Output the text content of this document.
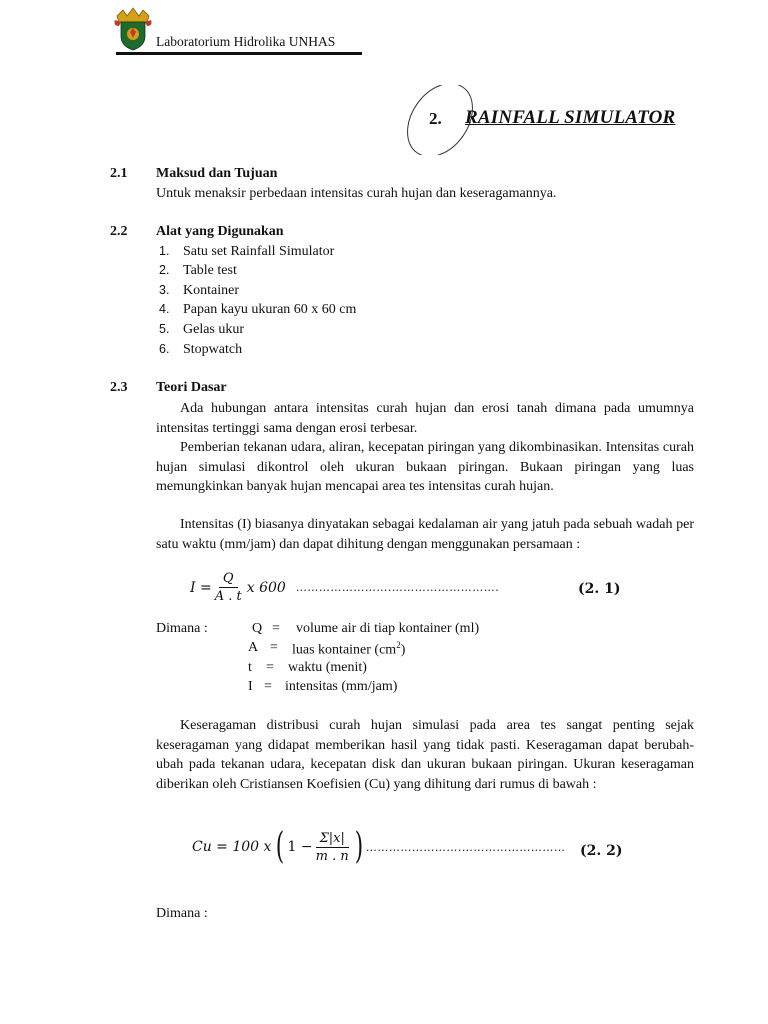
Laboratorium Hidrolika UNHAS
2. RAINFALL SIMULATOR
2.1 Maksud dan Tujuan
Untuk menaksir perbedaan intensitas curah hujan dan keseragamannya.
2.2 Alat yang Digunakan
1. Satu set Rainfall Simulator
2. Table test
3. Kontainer
4. Papan kayu ukuran 60 x 60 cm
5. Gelas ukur
6. Stopwatch
2.3 Teori Dasar
Ada hubungan antara intensitas curah hujan dan erosi tanah dimana pada umumnya intensitas tertinggi sama dengan erosi terbesar.
Pemberian tekanan udara, aliran, kecepatan piringan yang dikombinasikan. Intensitas curah hujan simulasi dikontrol oleh ukuran bukaan piringan. Bukaan piringan yang luas memungkinkan banyak hujan mencapai area tes intensitas curah hujan.
Intensitas (I) biasanya dinyatakan sebagai kedalaman air yang jatuh pada sebuah wadah per satu waktu (mm/jam) dan dapat dihitung dengan menggunakan persamaan :
$I = \frac{Q}{A . t}$ x 600 …………………….……………………….	(2. 1)
Dimana :	Q = volume air di tiap kontainer (ml)
A = luas kontainer $(cm^2)$
t = waktu (menit)
I = intensitas (mm/jam)
Keseragaman distribusi curah hujan simulasi pada area tes sangat penting sejak keseragaman yang didapat memberikan hasil yang tidak pasti. Keseragaman dapat berubah-ubah pada tekanan udara, kecepatan disk dan ukuran bukaan piringan. Ukuran keseragaman diberikan oleh Cristiansen Koefisien (Cu) yang dihitung dari rumus di bawah :
Cu = 100 x ( $1 - \frac{\Sigma|x|}{m . n}$ ) …………………….……………………… (2. 2)
Dimana :
